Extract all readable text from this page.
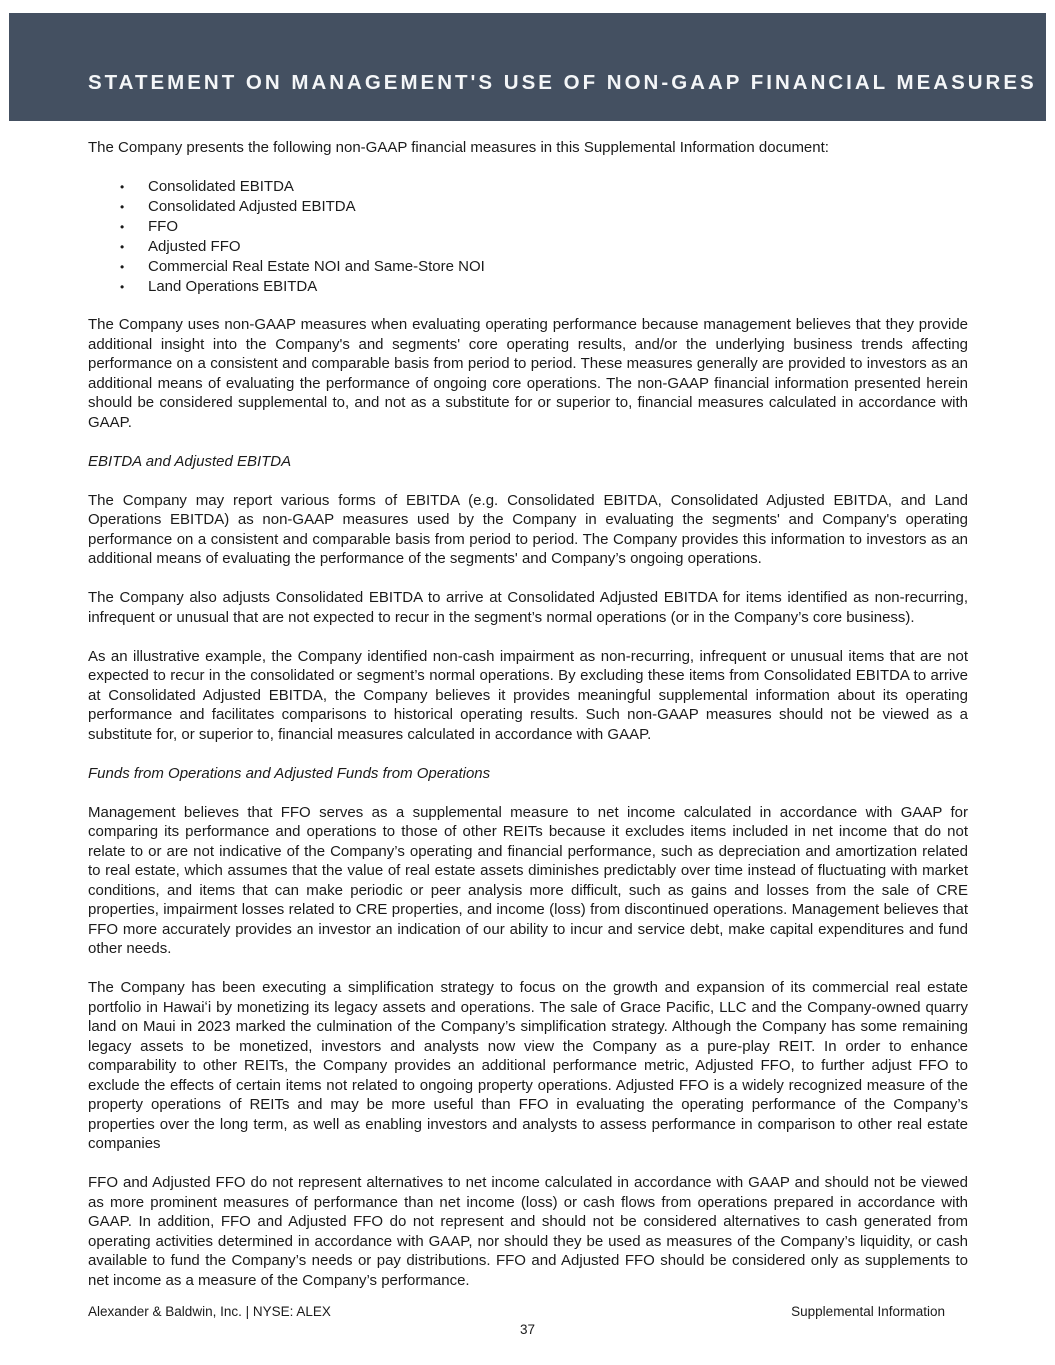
STATEMENT ON MANAGEMENT'S USE OF NON-GAAP FINANCIAL MEASURES

The Company presents the following non-GAAP financial measures in this Supplemental Information document:

•	Consolidated EBITDA
•	Consolidated Adjusted EBITDA
•	FFO
•	Adjusted FFO
•	Commercial Real Estate NOI and Same-Store NOI
•	Land Operations EBITDA

The Company uses non-GAAP measures when evaluating operating performance because management believes that they provide additional insight into the Company's and segments' core operating results, and/or the underlying business trends affecting performance on a consistent and comparable basis from period to period. These measures generally are provided to investors as an additional means of evaluating the performance of ongoing core operations. The non-GAAP financial information presented herein should be considered supplemental to, and not as a substitute for or superior to, financial measures calculated in accordance with GAAP.

EBITDA and Adjusted EBITDA

The Company may report various forms of EBITDA (e.g. Consolidated EBITDA, Consolidated Adjusted EBITDA, and Land Operations EBITDA) as non-GAAP measures used by the Company in evaluating the segments' and Company's operating performance on a consistent and comparable basis from period to period. The Company provides this information to investors as an additional means of evaluating the performance of the segments' and Company’s ongoing operations.

The Company also adjusts Consolidated EBITDA to arrive at Consolidated Adjusted EBITDA for items identified as non-recurring, infrequent or unusual that are not expected to recur in the segment’s normal operations (or in the Company’s core business).

As an illustrative example, the Company identified non-cash impairment as non-recurring, infrequent or unusual items that are not expected to recur in the consolidated or segment’s normal operations. By excluding these items from Consolidated EBITDA to arrive at Consolidated Adjusted EBITDA, the Company believes it provides meaningful supplemental information about its operating performance and facilitates comparisons to historical operating results. Such non-GAAP measures should not be viewed as a substitute for, or superior to, financial measures calculated in accordance with GAAP.

Funds from Operations and Adjusted Funds from Operations

Management believes that FFO serves as a supplemental measure to net income calculated in accordance with GAAP for comparing its performance and operations to those of other REITs because it excludes items included in net income that do not relate to or are not indicative of the Company’s operating and financial performance, such as depreciation and amortization related to real estate, which assumes that the value of real estate assets diminishes predictably over time instead of fluctuating with market conditions, and items that can make periodic or peer analysis more difficult, such as gains and losses from the sale of CRE properties, impairment losses related to CRE properties, and income (loss) from discontinued operations. Management believes that FFO more accurately provides an investor an indication of our ability to incur and service debt, make capital expenditures and fund other needs.

The Company has been executing a simplification strategy to focus on the growth and expansion of its commercial real estate portfolio in Hawaiʻi by monetizing its legacy assets and operations. The sale of Grace Pacific, LLC and the Company-owned quarry land on Maui in 2023 marked the culmination of the Company’s simplification strategy. Although the Company has some remaining legacy assets to be monetized, investors and analysts now view the Company as a pure-play REIT. In order to enhance comparability to other REITs, the Company provides an additional performance metric, Adjusted FFO, to further adjust FFO to exclude the effects of certain items not related to ongoing property operations. Adjusted FFO is a widely recognized measure of the property operations of REITs and may be more useful than FFO in evaluating the operating performance of the Company’s properties over the long term, as well as enabling investors and analysts to assess performance in comparison to other real estate companies

FFO and Adjusted FFO do not represent alternatives to net income calculated in accordance with GAAP and should not be viewed as more prominent measures of performance than net income (loss) or cash flows from operations prepared in accordance with GAAP. In addition, FFO and Adjusted FFO do not represent and should not be considered alternatives to cash generated from operating activities determined in accordance with GAAP, nor should they be used as measures of the Company’s liquidity, or cash available to fund the Company’s needs or pay distributions. FFO and Adjusted FFO should be considered only as supplements to net income as a measure of the Company’s performance.

Alexander & Baldwin, Inc. | NYSE: ALEX	Supplemental Information
37
